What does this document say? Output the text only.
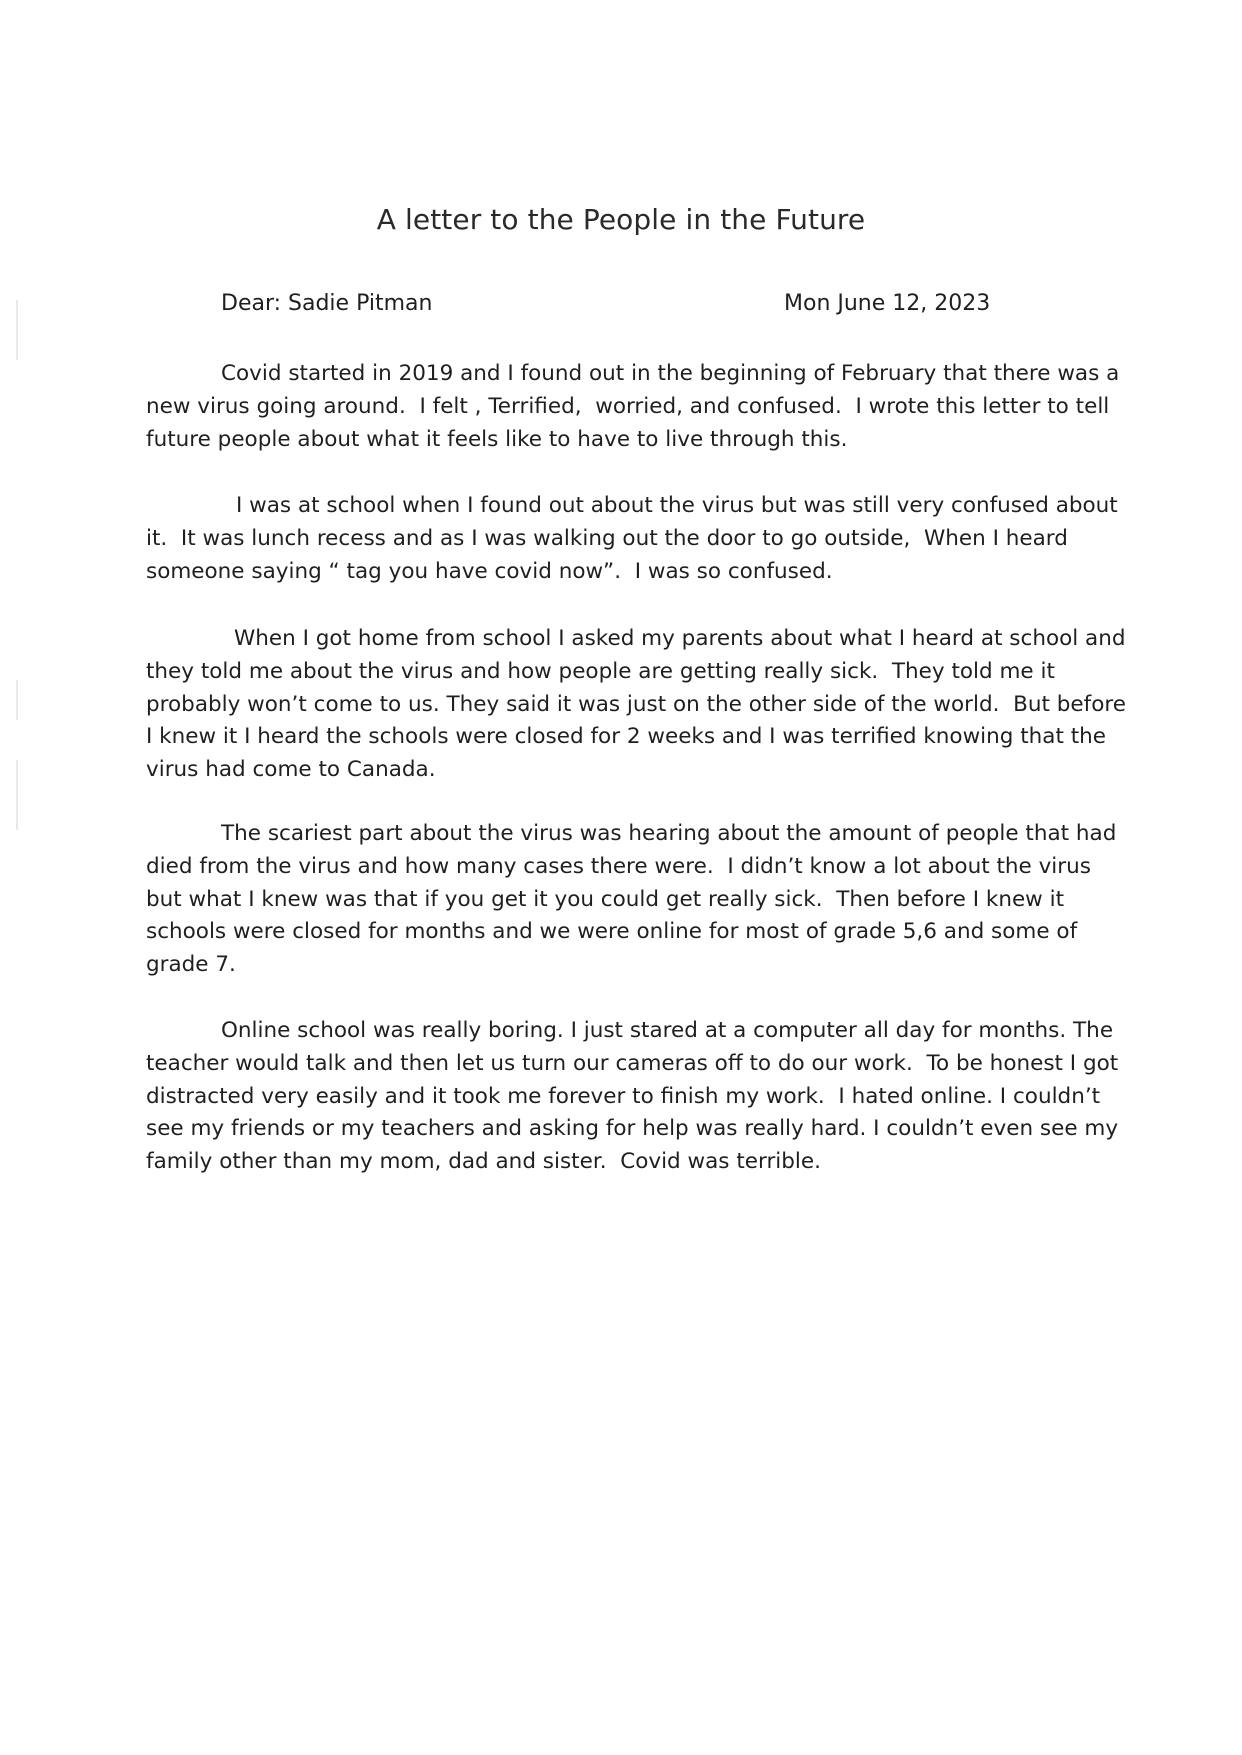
A letter to the People in the Future
Dear: Sadie Pitman	Mon June 12, 2023

Covid started in 2019 and I found out in the beginning of February that there was a new virus going around.  I felt , Terrified,  worried, and confused.  I wrote this letter to tell future people about what it feels like to have to live through this.

I was at school when I found out about the virus but was still very confused about it.  It was lunch recess and as I was walking out the door to go outside,  When I heard someone saying “ tag you have covid now”.  I was so confused.

When I got home from school I asked my parents about what I heard at school and they told me about the virus and how people are getting really sick.  They told me it probably won’t come to us. They said it was just on the other side of the world.  But before I knew it I heard the schools were closed for 2 weeks and I was terrified knowing that the virus had come to Canada.

The scariest part about the virus was hearing about the amount of people that had died from the virus and how many cases there were.  I didn’t know a lot about the virus but what I knew was that if you get it you could get really sick.  Then before I knew it schools were closed for months and we were online for most of grade 5,6 and some of grade 7.

Online school was really boring. I just stared at a computer all day for months. The teacher would talk and then let us turn our cameras off to do our work.  To be honest I got distracted very easily and it took me forever to finish my work.  I hated online. I couldn’t see my friends or my teachers and asking for help was really hard. I couldn’t even see my family other than my mom, dad and sister.  Covid was terrible.
